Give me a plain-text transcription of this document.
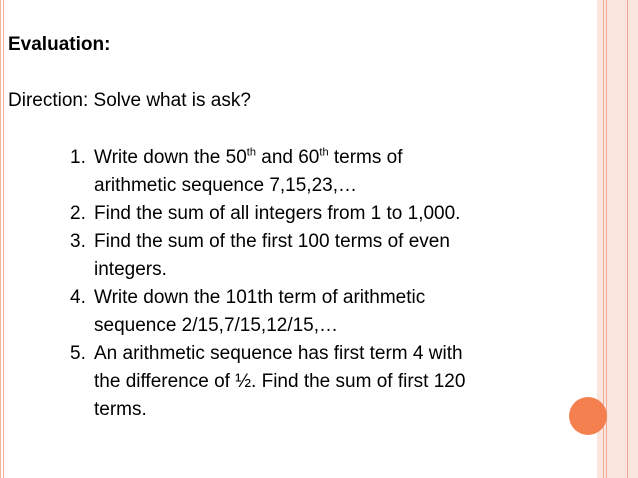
Evaluation:
Direction: Solve what is ask?
1. Write down the 50th and 60th terms of
arithmetic sequence 7,15,23,…
2. Find the sum of all integers from 1 to 1,000.
3. Find the sum of the first 100 terms of even
integers.
4. Write down the 101th term of arithmetic
sequence 2/15,7/15,12/15,…
5. An arithmetic sequence has first term 4 with
the difference of ½. Find the sum of first 120
terms.
